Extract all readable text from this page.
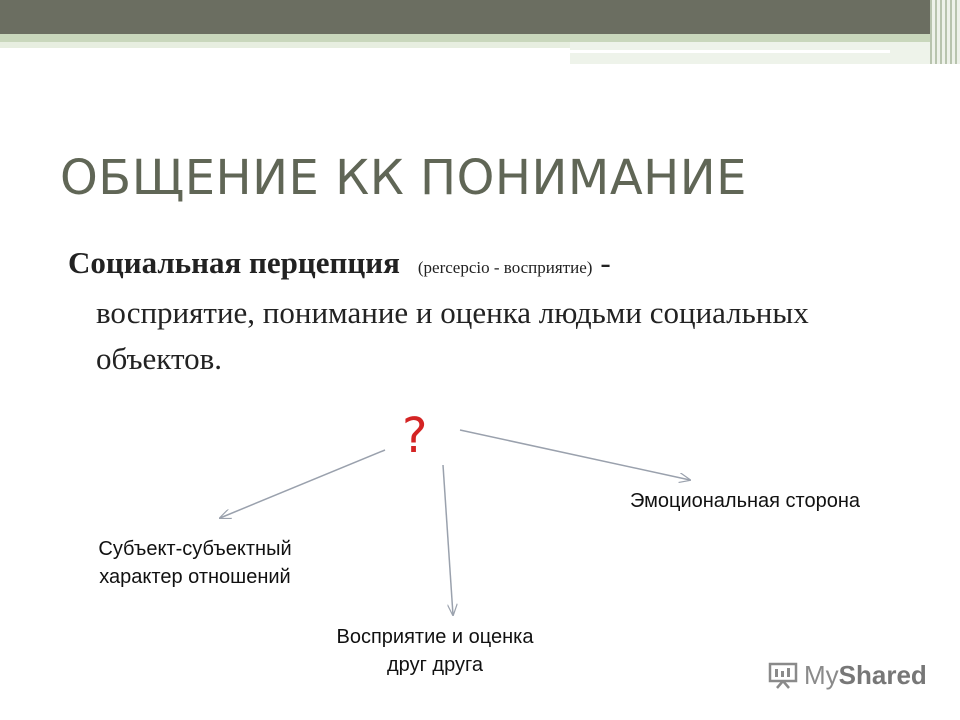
ОБЩЕНИЕ КК ПОНИМАНИЕ
Социальная перцепция (percepcio - восприятие) -
восприятие, понимание и оценка людьми социальных объектов.
?
Эмоциональная сторона
Субъект-субъектный
характер отношений
Восприятие и оценка
друг друга	MyShared
